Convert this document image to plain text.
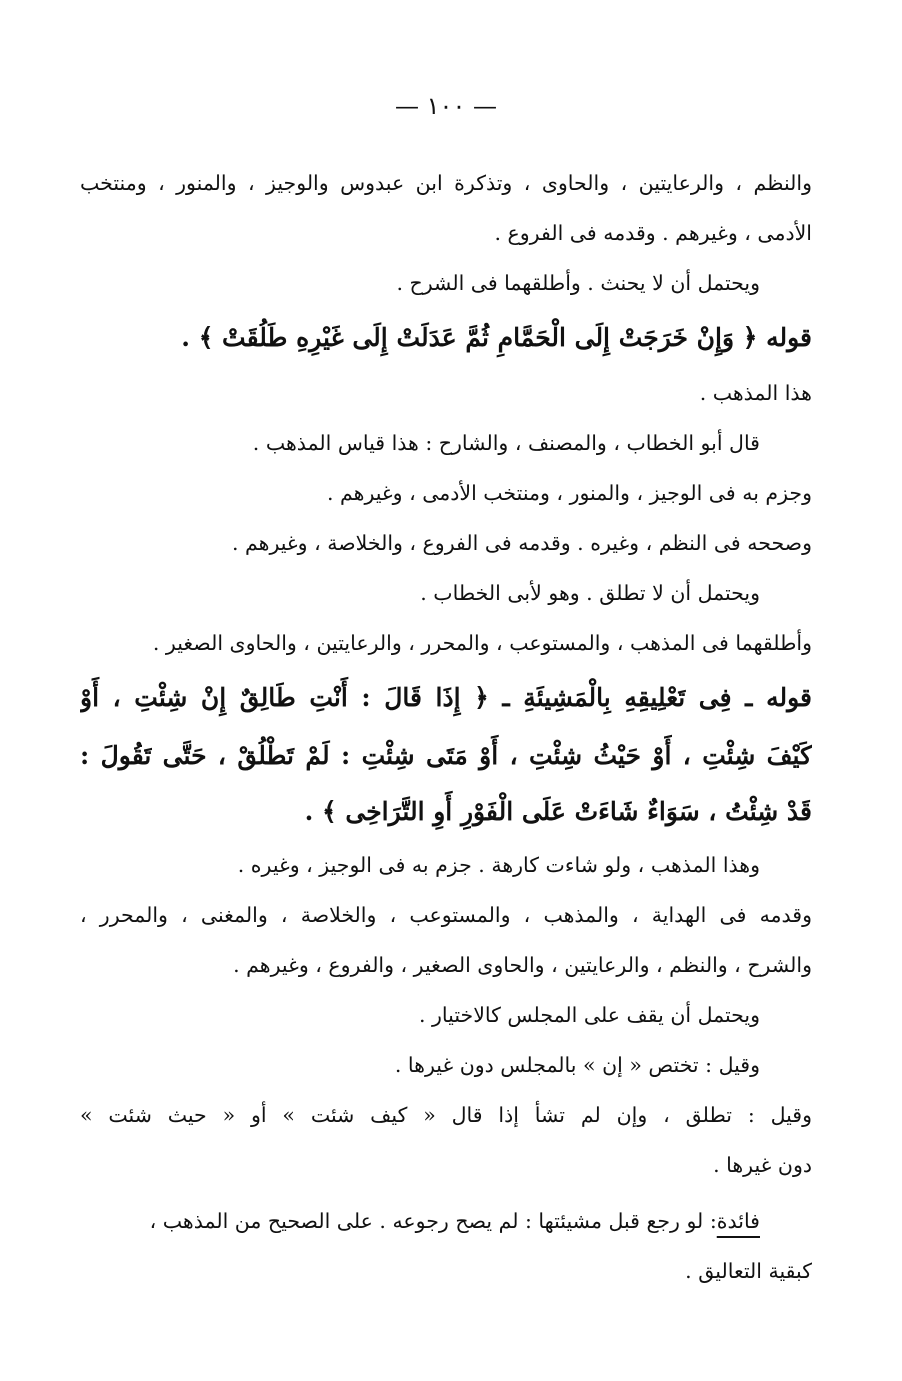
— ١٠٠ —
والنظم ، والرعايتين ، والحاوى ، وتذكرة ابن عبدوس والوجيز ، والمنور ، ومنتخب
الأدمى ، وغيرهم . وقدمه فى الفروع .
ويحتمل أن لا يحنث . وأطلقهما فى الشرح .
قوله ﴿ وَإِنْ خَرَجَتْ إِلَى الْحَمَّامِ ثُمَّ عَدَلَتْ إِلَى غَيْرِهِ طَلُقَتْ ﴾ .
هذا المذهب .
قال أبو الخطاب ، والمصنف ، والشارح : هذا قياس المذهب .
وجزم به فى الوجيز ، والمنور ، ومنتخب الأدمى ، وغيرهم .
وصححه فى النظم ، وغيره . وقدمه فى الفروع ، والخلاصة ، وغيرهم .
ويحتمل أن لا تطلق . وهو لأبى الخطاب .
وأطلقهما فى المذهب ، والمستوعب ، والمحرر ، والرعايتين ، والحاوى الصغير .
قوله ـ فِى تَعْلِيقِهِ بِالْمَشِيئَةِ ـ ﴿ إِذَا قَالَ : أَنْتِ طَالِقٌ إِنْ شِئْتِ ، أَوْ
كَيْفَ شِئْتِ ، أَوْ حَيْثُ شِئْتِ ، أَوْ مَتَى شِئْتِ : لَمْ تَطْلُقْ ، حَتَّى تَقُولَ :
قَدْ شِئْتُ ، سَوَاءٌ شَاءَتْ عَلَى الْفَوْرِ أَوِ التَّرَاخِى ﴾ .
وهذا المذهب ، ولو شاءت كارهة . جزم به فى الوجيز ، وغيره .
وقدمه فى الهداية ، والمذهب ، والمستوعب ، والخلاصة ، والمغنى ، والمحرر ،
والشرح ، والنظم ، والرعايتين ، والحاوى الصغير ، والفروع ، وغيرهم .
ويحتمل أن يقف على المجلس كالاختيار .
وقيل : تختص « إن » بالمجلس دون غيرها .
وقيل : تطلق ، وإن لم تشأ إذا قال « كيف شئت » أو « حيث شئت »
دون غيرها .
فائدة: لو رجع قبل مشيئتها : لم يصح رجوعه . على الصحيح من المذهب ،
كبقية التعاليق .
